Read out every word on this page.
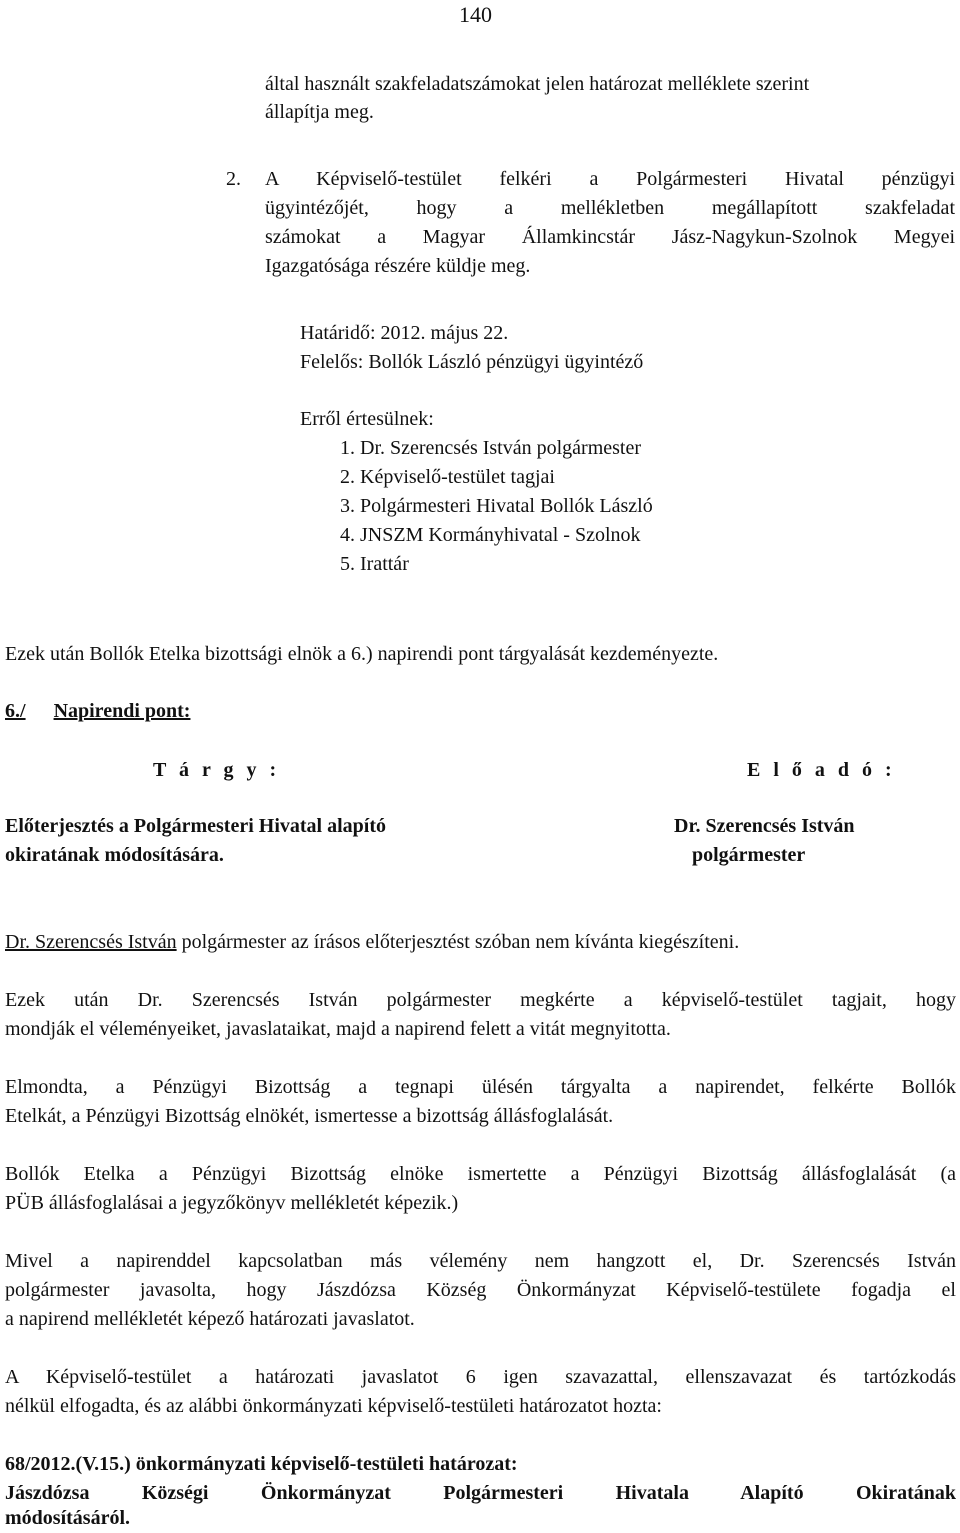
140
által használt szakfeladatszámokat jelen határozat melléklete szerint
állapítja meg.
2. A Képviselő-testület felkéri a Polgármesteri Hivatal pénzügyi
ügyintézőjét, hogy a mellékletben megállapított szakfeladat
számokat a Magyar Államkincstár Jász-Nagykun-Szolnok Megyei
Igazgatósága részére küldje meg.
Határidő: 2012. május 22.
Felelős: Bollók László pénzügyi ügyintéző
Erről értesülnek:
1. Dr. Szerencsés István polgármester
2. Képviselő-testület tagjai
3. Polgármesteri Hivatal Bollók László
4. JNSZM Kormányhivatal - Szolnok
5. Irattár
Ezek után Bollók Etelka bizottsági elnök a 6.) napirendi pont tárgyalását kezdeményezte.
6./ Napirendi pont:
T á r g y :	E l ő a d ó :
Előterjesztés a Polgármesteri Hivatal alapító
okiratának módosítására.
Dr. Szerencsés István
polgármester
Dr. Szerencsés István polgármester az írásos előterjesztést szóban nem kívánta kiegészíteni.
Ezek után Dr. Szerencsés István polgármester megkérte a képviselő-testület tagjait, hogy
mondják el véleményeiket, javaslataikat, majd a napirend felett a vitát megnyitotta.
Elmondta, a Pénzügyi Bizottság a tegnapi ülésén tárgyalta a napirendet, felkérte Bollók
Etelkát, a Pénzügyi Bizottság elnökét, ismertesse a bizottság állásfoglalását.
Bollók Etelka a Pénzügyi Bizottság elnöke ismertette a Pénzügyi Bizottság állásfoglalását (a
PÜB állásfoglalásai a jegyzőkönyv mellékletét képezik.)
Mivel a napirenddel kapcsolatban más vélemény nem hangzott el, Dr. Szerencsés István
polgármester javasolta, hogy Jászdózsa Község Önkormányzat Képviselő-testülete fogadja el
a napirend mellékletét képező határozati javaslatot.
A Képviselő-testület a határozati javaslatot 6 igen szavazattal, ellenszavazat és tartózkodás
nélkül elfogadta, és az alábbi önkormányzati képviselő-testületi határozatot hozta:
68/2012.(V.15.) önkormányzati képviselő-testületi határozat:
Jászdózsa Községi Önkormányzat Polgármesteri Hivatala Alapító Okiratának
módosításáról.
